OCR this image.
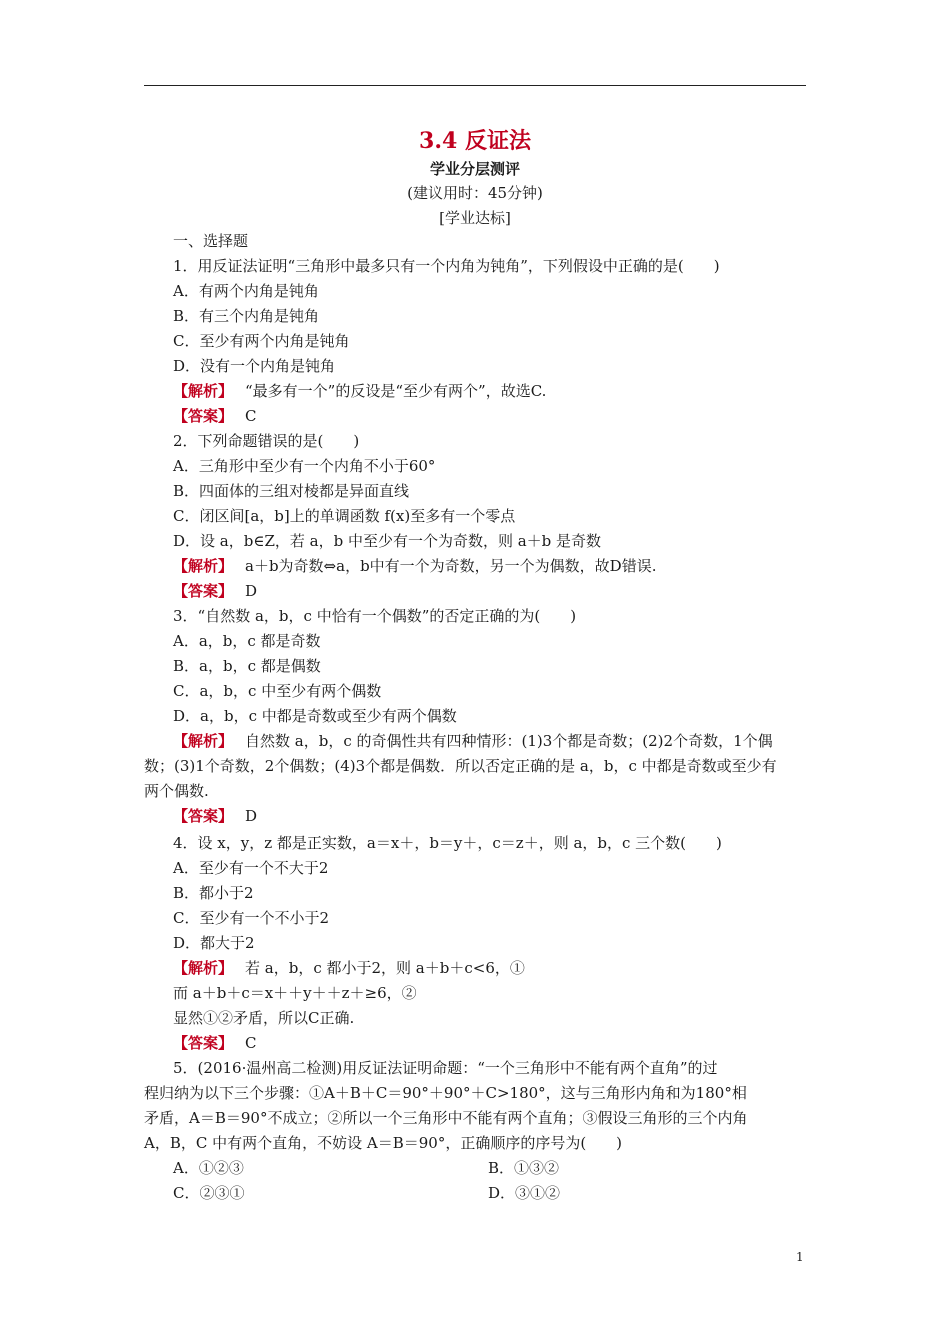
3.4 反证法
学业分层测评
(建议用时：45分钟)
[学业达标]
一、选择题
1．用反证法证明“三角形中最多只有一个内角为钝角”，下列假设中正确的是(　　)
A．有两个内角是钝角
B．有三个内角是钝角
C．至少有两个内角是钝角
D．没有一个内角是钝角
【解析】 “最多有一个”的反设是“至少有两个”，故选C.
【答案】 C
2．下列命题错误的是(　　)
A．三角形中至少有一个内角不小于60°
B．四面体的三组对棱都是异面直线
C．闭区间[a，b]上的单调函数 f(x)至多有一个零点
D．设 a，b∈Z，若 a，b 中至少有一个为奇数，则 a＋b 是奇数
【解析】 a＋b为奇数⇔a，b中有一个为奇数，另一个为偶数，故D错误.
【答案】 D
3．“自然数 a，b，c 中恰有一个偶数”的否定正确的为(　　)
A．a，b，c 都是奇数
B．a，b，c 都是偶数
C．a，b，c 中至少有两个偶数
D．a，b，c 中都是奇数或至少有两个偶数
【解析】 自然数 a，b，c 的奇偶性共有四种情形：(1)3个都是奇数；(2)2个奇数，1个偶
数；(3)1个奇数，2个偶数；(4)3个都是偶数．所以否定正确的是 a，b，c 中都是奇数或至少有
两个偶数.
【答案】 D
4．设 x，y，z 都是正实数，a＝x＋，b＝y＋，c＝z＋，则 a，b，c 三个数(　　)
A．至少有一个不大于2
B．都小于2
C．至少有一个不小于2
D．都大于2
【解析】 若 a，b，c 都小于2，则 a＋b＋c<6，①
而 a＋b＋c＝x＋＋y＋＋z＋≥6，②
显然①②矛盾，所以C正确.
【答案】 C
5．(2016·温州高二检测)用反证法证明命题：“一个三角形中不能有两个直角”的过
程归纳为以下三个步骤：①A＋B＋C＝90°＋90°＋C>180°，这与三角形内角和为180°相
矛盾，A＝B＝90°不成立；②所以一个三角形中不能有两个直角；③假设三角形的三个内角
A，B，C 中有两个直角，不妨设 A＝B＝90°，正确顺序的序号为(　　)
A．①②③	B．①③②
C．②③①	D．③①②
1
